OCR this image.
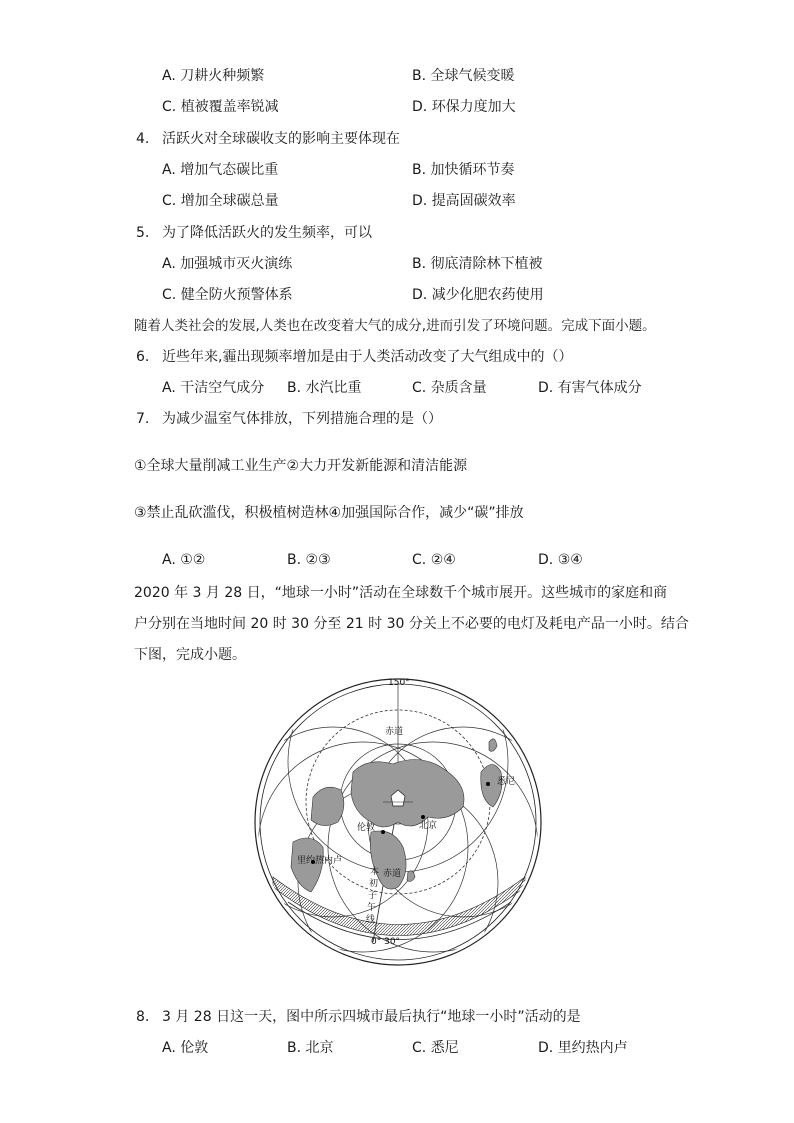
A. 刀耕火种频繁	B. 全球气候变暖
C. 植被覆盖率锐减	D. 环保力度加大
4. 活跃火对全球碳收支的影响主要体现在
A. 增加气态碳比重	B. 加快循环节奏
C. 增加全球碳总量	D. 提高固碳效率
5. 为了降低活跃火的发生频率，可以
A. 加强城市灭火演练	B. 彻底清除林下植被
C. 健全防火预警体系	D. 减少化肥农药使用
随着人类社会的发展,人类也在改变着大气的成分,进而引发了环境问题。完成下面小题。
6. 近些年来,霾出现频率增加是由于人类活动改变了大气组成中的（）
A. 干洁空气成分 B. 水汽比重	C. 杂质含量	D. 有害气体成分
7. 为减少温室气体排放，下列措施合理的是（）
①全球大量削减工业生产②大力开发新能源和清洁能源
③禁止乱砍滥伐，积极植树造林④加强国际合作，减少“碳”排放
A. ①②	B. ②③	C. ②④	D. ③④
2020 年 3 月 28 日，“地球一小时”活动在全球数千个城市展开。这些城市的家庭和商
户分别在当地时间 20 时 30 分至 21 时 30 分关上不必要的电灯及耗电产品一小时。结合
下图，完成小题。
150°
赤道
悉尼
北京
伦敦
里约热内卢
赤道
本
初
子
午
线
0° 30°
8. 3 月 28 日这一天，图中所示四城市最后执行“地球一小时”活动的是
A. 伦敦	B. 北京	C. 悉尼	D. 里约热内卢
